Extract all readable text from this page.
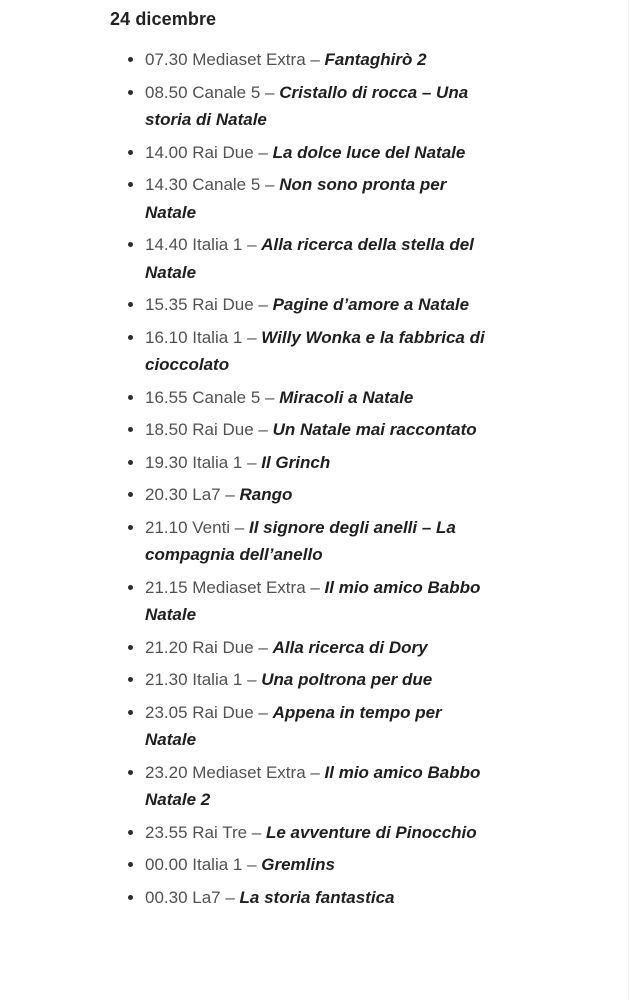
24 dicembre
• 07.30 Mediaset Extra – Fantaghirò 2
• 08.50 Canale 5 – Cristallo di rocca – Una storia di Natale
• 14.00 Rai Due – La dolce luce del Natale
• 14.30 Canale 5 – Non sono pronta per Natale
• 14.40 Italia 1 – Alla ricerca della stella del Natale
• 15.35 Rai Due – Pagine d’amore a Natale
• 16.10 Italia 1 – Willy Wonka e la fabbrica di cioccolato
• 16.55 Canale 5 – Miracoli a Natale
• 18.50 Rai Due – Un Natale mai raccontato
• 19.30 Italia 1 – Il Grinch
• 20.30 La7 – Rango
• 21.10 Venti – Il signore degli anelli – La compagnia dell’anello
• 21.15 Mediaset Extra – Il mio amico Babbo Natale
• 21.20 Rai Due – Alla ricerca di Dory
• 21.30 Italia 1 – Una poltrona per due
• 23.05 Rai Due – Appena in tempo per Natale
• 23.20 Mediaset Extra – Il mio amico Babbo Natale 2
• 23.55 Rai Tre – Le avventure di Pinocchio
• 00.00 Italia 1 – Gremlins
• 00.30 La7 – La storia fantastica
